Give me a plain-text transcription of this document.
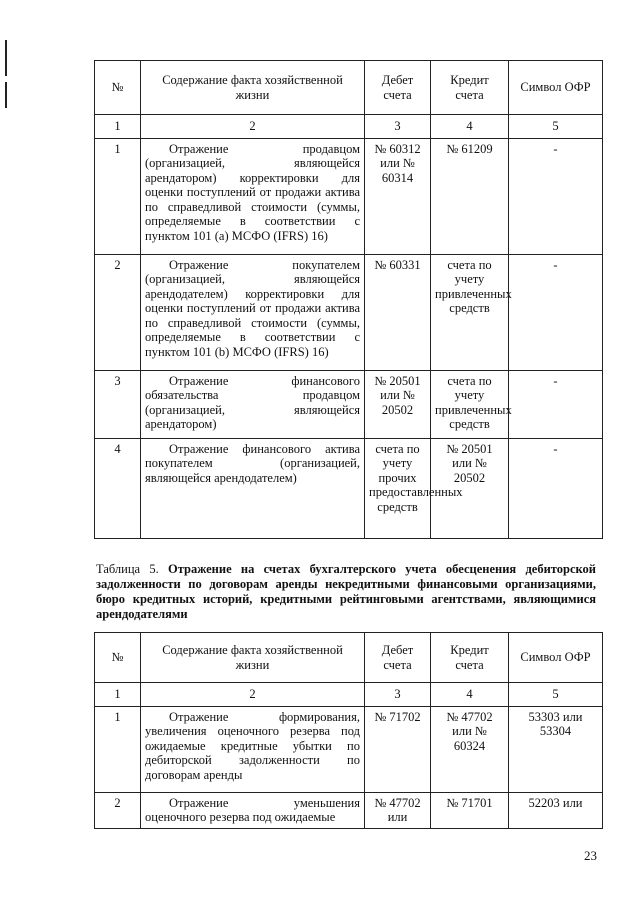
№	Содержание факта хозяйственной жизни	Дебет счета	Кредит счета	Символ ОФР
1	2	3	4	5
1	Отражение продавцом (организацией, являющейся арендатором) корректировки для оценки поступлений от продажи актива по справедливой стоимости (суммы, определяемые в соответствии с пунктом 101 (a) МСФО (IFRS) 16)	№ 60312 или № 60314	№ 61209	-
2	Отражение покупателем (организацией, являющейся арендодателем) корректировки для оценки поступлений от продажи актива по справедливой стоимости (суммы, определяемые в соответствии с пунктом 101 (b) МСФО (IFRS) 16)	№ 60331	счета по учету привлеченных средств	-
3	Отражение финансового обязательства продавцом (организацией, являющейся арендатором)	№ 20501 или № 20502	счета по учету привлеченных средств	-
4	Отражение финансового актива покупателем (организацией, являющейся арендодателем)	счета по учету прочих предоставленных средств	№ 20501 или № 20502	-
Таблица 5. Отражение на счетах бухгалтерского учета обесценения дебиторской задолженности по договорам аренды некредитными финансовыми организациями, бюро кредитных историй, кредитными рейтинговыми агентствами, являющимися арендодателями
№	Содержание факта хозяйственной жизни	Дебет счета	Кредит счета	Символ ОФР
1	2	3	4	5
1	Отражение формирования, увеличения оценочного резерва под ожидаемые кредитные убытки по дебиторской задолженности по договорам аренды	№ 71702	№ 47702 или № 60324	53303 или 53304
2	Отражение уменьшения оценочного резерва под ожидаемые	№ 47702 или	№ 71701	52203 или
23
